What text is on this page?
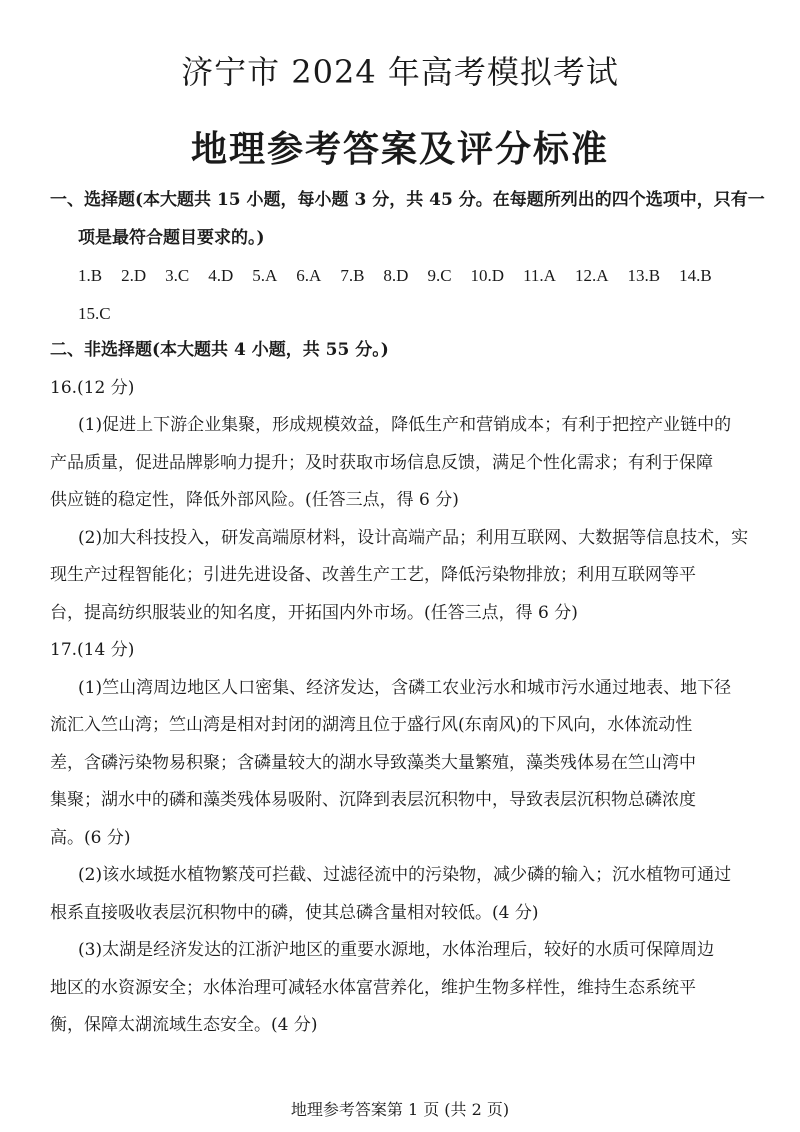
济宁市 2024 年高考模拟考试
地理参考答案及评分标准

一、选择题(本大题共 15 小题，每小题 3 分，共 45 分。在每题所列出的四个选项中，只有一

项是最符合题目要求的。)

1.B 2.D 3.C 4.D 5.A 6.A 7.B 8.D 9.C 10.D 11.A 12.A 13.B 14.B
15.C

二、非选择题(本大题共 4 小题，共 55 分。)

16.(12 分)

(1)促进上下游企业集聚，形成规模效益，降低生产和营销成本；有利于把控产业链中的

产品质量，促进品牌影响力提升；及时获取市场信息反馈，满足个性化需求；有利于保障

供应链的稳定性，降低外部风险。(任答三点，得 6 分)

(2)加大科技投入，研发高端原材料，设计高端产品；利用互联网、大数据等信息技术，实

现生产过程智能化；引进先进设备、改善生产工艺，降低污染物排放；利用互联网等平

台，提高纺织服装业的知名度，开拓国内外市场。(任答三点，得 6 分)

17.(14 分)

(1)竺山湾周边地区人口密集、经济发达，含磷工农业污水和城市污水通过地表、地下径

流汇入竺山湾；竺山湾是相对封闭的湖湾且位于盛行风(东南风)的下风向，水体流动性

差，含磷污染物易积聚；含磷量较大的湖水导致藻类大量繁殖，藻类残体易在竺山湾中

集聚；湖水中的磷和藻类残体易吸附、沉降到表层沉积物中，导致表层沉积物总磷浓度

高。(6 分)

(2)该水域挺水植物繁茂可拦截、过滤径流中的污染物，减少磷的输入；沉水植物可通过

根系直接吸收表层沉积物中的磷，使其总磷含量相对较低。(4 分)

(3)太湖是经济发达的江浙沪地区的重要水源地，水体治理后，较好的水质可保障周边

地区的水资源安全；水体治理可减轻水体富营养化，维护生物多样性，维持生态系统平

衡，保障太湖流域生态安全。(4 分)

地理参考答案第 1 页 (共 2 页)
